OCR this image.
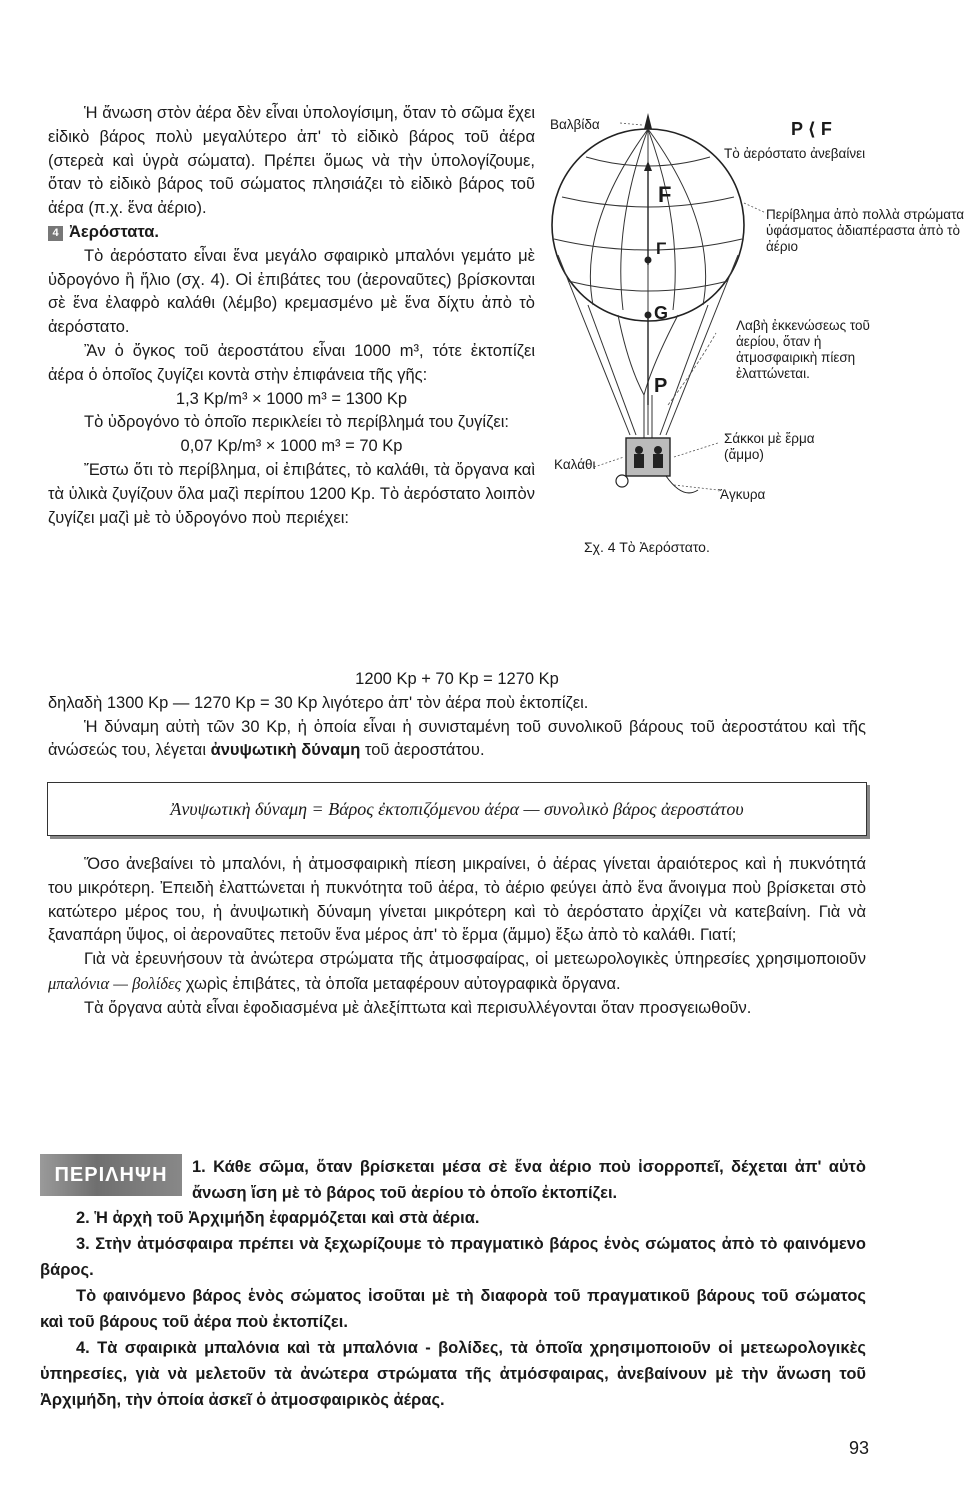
Ἡ ἄνωση στὸν ἀέρα δὲν εἶναι ὑπολογίσιμη, ὅταν τὸ σῶμα ἔχει εἰδικὸ βάρος πολὺ μεγαλύτερο ἀπ' τὸ εἰδικὸ βάρος τοῦ ἀέρα (στερεὰ καὶ ὑγρὰ σώματα). Πρέπει ὅμως νὰ τὴν ὑπολογίζουμε, ὅταν τὸ εἰδικὸ βάρος τοῦ σώματος πλησιάζει τὸ εἰδικὸ βάρος τοῦ ἀέρα (π.χ. ἕνα ἀέριο).

4 Ἀερόστατα.

Τὸ ἀερόστατο εἶναι ἕνα μεγάλο σφαιρικὸ μπαλόνι γεμάτο μὲ ὑδρογόνο ἢ ἥλιο (σχ. 4). Οἱ ἐπιβάτες του (ἀεροναῦτες) βρίσκονται σὲ ἕνα ἐλαφρὸ καλάθι (λέμβο) κρεμασμένο μὲ ἕνα δίχτυ ἀπὸ τὸ ἀερόστατο.

Ἂν ὁ ὄγκος τοῦ ἀεροστάτου εἶναι 1000 m³, τότε ἐκτοπίζει ἀέρα ὁ ὁποῖος ζυγίζει κοντὰ στὴν ἐπιφάνεια τῆς γῆς:

1,3 Kp/m³ × 1000 m³ = 1300 Kp

Τὸ ὑδρογόνο τὸ ὁποῖο περικλείει τὸ περίβλημά του ζυγίζει:

0,07 Kp/m³ × 1000 m³ = 70 Kp

Ἔστω ὅτι τὸ περίβλημα, οἱ ἐπιβάτες, τὸ καλάθι, τὰ ὄργανα καὶ τὰ ὑλικὰ ζυγίζουν ὅλα μαζὶ περίπου 1200 Kp. Τὸ ἀερόστατο λοιπὸν ζυγίζει μαζὶ μὲ τὸ ὑδρογόνο ποὺ περιέχει:

F
Γ
G
P
Βαλβίδα	P ⟨ F
Τὸ ἀερόστατο ἀνεβαίνει
Περίβλημα ἀπὸ πολλὰ στρώματα ὑφάσματος ἀδιαπέραστα ἀπὸ τὸ ἀέριο
Λαβὴ ἐκκενώσεως τοῦ ἀερίου, ὅταν ἡ ἀτμοσφαιρικὴ πίεση ἐλαττώνεται.
Σάκκοι μὲ ἕρμα (ἄμμο)
Καλάθι
Ἄγκυρα
Σχ. 4 Τὸ Ἀερόστατο.

1200 Kp + 70 Kp = 1270 Kp

δηλαδὴ 1300 Kp — 1270 Kp = 30 Kp λιγότερο ἀπ' τὸν ἀέρα ποὺ ἐκτοπίζει.

Ἡ δύναμη αὐτὴ τῶν 30 Kp, ἡ ὁποία εἶναι ἡ συνισταμένη τοῦ συνολικοῦ βάρους τοῦ ἀεροστάτου καὶ τῆς ἀνώσεώς του, λέγεται ἀνυψωτικὴ δύναμη τοῦ ἀεροστάτου.

Ἀνυψωτικὴ δύναμη = Βάρος ἐκτοπιζόμενου ἀέρα — συνολικὸ βάρος ἀεροστάτου

Ὅσο ἀνεβαίνει τὸ μπαλόνι, ἡ ἀτμοσφαιρικὴ πίεση μικραίνει, ὁ ἀέρας γίνεται ἀραιότερος καὶ ἡ πυκνότητά του μικρότερη. Ἐπειδὴ ἐλαττώνεται ἡ πυκνότητα τοῦ ἀέρα, τὸ ἀέριο φεύγει ἀπὸ ἕνα ἄνοιγμα ποὺ βρίσκεται στὸ κατώτερο μέρος του, ἡ ἀνυψωτικὴ δύναμη γίνεται μικρότερη καὶ τὸ ἀερόστατο ἀρχίζει νὰ κατεβαίνη. Γιὰ νὰ ξαναπάρη ὕψος, οἱ ἀεροναῦτες πετοῦν ἕνα μέρος ἀπ' τὸ ἕρμα (ἄμμο) ἔξω ἀπὸ τὸ καλάθι. Γιατί;

Γιὰ νὰ ἐρευνήσουν τὰ ἀνώτερα στρώματα τῆς ἀτμοσφαίρας, οἱ μετεωρολογικὲς ὑπηρεσίες χρησιμοποιοῦν μπαλόνια — βολίδες χωρὶς ἐπιβάτες, τὰ ὁποῖα μεταφέρουν αὐτογραφικὰ ὄργανα.

Τὰ ὄργανα αὐτὰ εἶναι ἐφοδιασμένα μὲ ἀλεξίπτωτα καὶ περισυλλέγονται ὅταν προσγειωθοῦν.

ΠΕΡΙΛΗΨΗ	1. Κάθε σῶμα, ὅταν βρίσκεται μέσα σὲ ἕνα ἀέριο ποὺ ἰσορροπεῖ, δέχεται ἀπ' αὐτὸ ἄνωση ἴση μὲ τὸ βάρος τοῦ ἀερίου τὸ ὁποῖο ἐκτοπίζει.

2. Ἡ ἀρχὴ τοῦ Ἀρχιμήδη ἐφαρμόζεται καὶ στὰ ἀέρια.

3. Στὴν ἀτμόσφαιρα πρέπει νὰ ξεχωρίζουμε τὸ πραγματικὸ βάρος ἑνὸς σώματος ἀπὸ τὸ φαινόμενο βάρος.

Τὸ φαινόμενο βάρος ἑνὸς σώματος ἰσοῦται μὲ τὴ διαφορὰ τοῦ πραγματικοῦ βάρους τοῦ σώματος καὶ τοῦ βάρους τοῦ ἀέρα ποὺ ἐκτοπίζει.

4. Τὰ σφαιρικὰ μπαλόνια καὶ τὰ μπαλόνια - βολίδες, τὰ ὁποῖα χρησιμοποιοῦν οἱ μετεωρολογικὲς ὑπηρεσίες, γιὰ νὰ μελετοῦν τὰ ἀνώτερα στρώματα τῆς ἀτμόσφαιρας, ἀνεβαίνουν μὲ τὴν ἄνωση τοῦ Ἀρχιμήδη, τὴν ὁποία ἀσκεῖ ὁ ἀτμοσφαιρικὸς ἀέρας.

93
